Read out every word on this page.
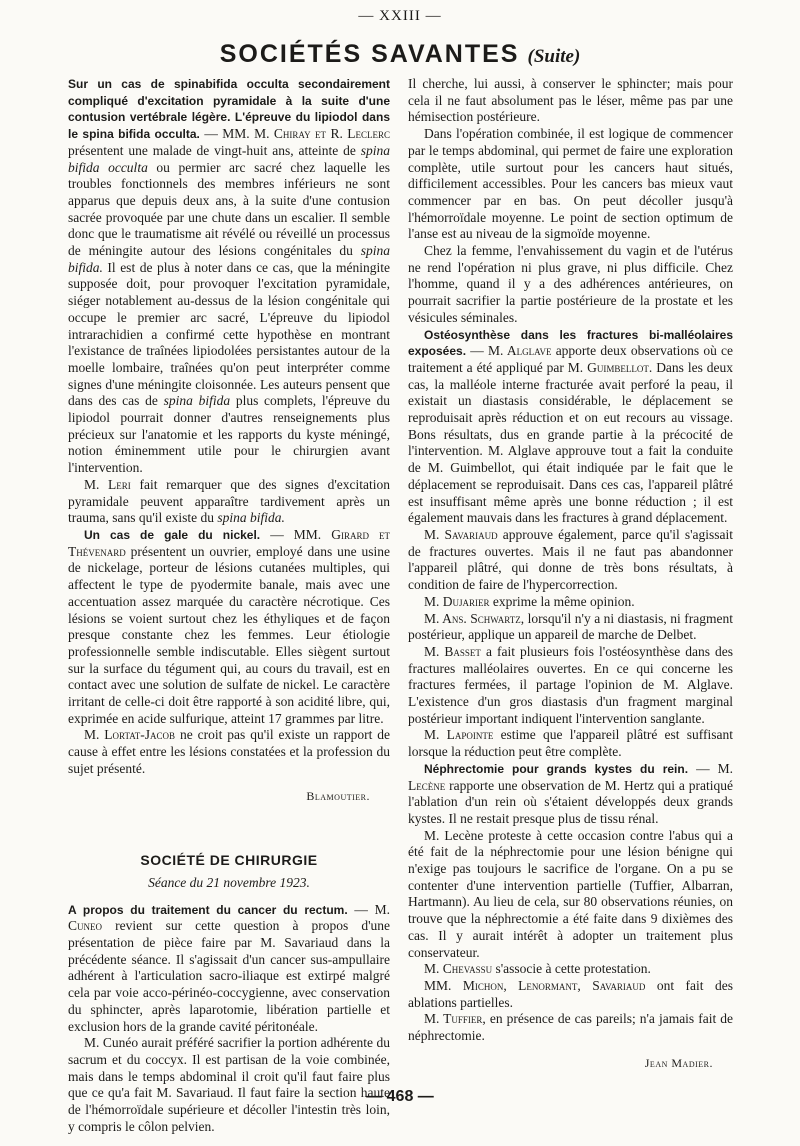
— XXIII —
SOCIÉTÉS SAVANTES (Suite)

Sur un cas de spinabifida occulta secondairement compliqué d'excitation pyramidale à la suite d'une contusion vertébrale légère. L'épreuve du lipiodol dans le spina bifida occulta. — MM. M. Chiray et R. Leclerc présentent une malade de vingt-huit ans, atteinte de spina bifida occulta ou permier arc sacré chez laquelle les troubles fonctionnels des membres inférieurs ne sont apparus que depuis deux ans, à la suite d'une contusion sacrée provoquée par une chute dans un escalier. Il semble donc que le traumatisme ait révélé ou réveillé un processus de méningite autour des lésions congénitales du spina bifida. Il est de plus à noter dans ce cas, que la méningite supposée doit, pour provoquer l'excitation pyramidale, siéger notablement au-dessus de la lésion congénitale qui occupe le premier arc sacré, L'épreuve du lipiodol intrarachidien a confirmé cette hypothèse en montrant l'existance de traînées lipiodolées persistantes autour de la moelle lombaire, traînées qu'on peut interpréter comme signes d'une méningite cloisonnée. Les auteurs pensent que dans des cas de spina bifida plus complets, l'épreuve du lipiodol pourrait donner d'autres renseignements plus précieux sur l'anatomie et les rapports du kyste méningé, notion éminemment utile pour le chirurgien avant l'intervention.

M. Leri fait remarquer que des signes d'excitation pyramidale peuvent apparaître tardivement après un trauma, sans qu'il existe du spina bifida.

Un cas de gale du nickel. — MM. Girard et Thévenard présentent un ouvrier, employé dans une usine de nickelage, porteur de lésions cutanées multiples, qui affectent le type de pyodermite banale, mais avec une accentuation assez marquée du caractère nécrotique. Ces lésions se voient surtout chez les éthyliques et de façon presque constante chez les femmes. Leur étiologie professionnelle semble indiscutable. Elles siègent surtout sur la surface du tégument qui, au cours du travail, est en contact avec une solution de sulfate de nickel. Le caractère irritant de celle-ci doit être rapporté à son acidité libre, qui, exprimée en acide sulfurique, atteint 17 grammes par litre.

M. Lortat-Jacob ne croit pas qu'il existe un rapport de cause à effet entre les lésions constatées et la profession du sujet présenté.

Blamoutier.
SOCIÉTÉ DE CHIRURGIE
Séance du 21 novembre 1923.

A propos du traitement du cancer du rectum. — M. Cuneo revient sur cette question à propos d'une présentation de pièce faire par M. Savariaud dans la précédente séance. Il s'agissait d'un cancer sus-ampullaire adhérent à l'articulation sacro-iliaque est extirpé malgré cela par voie acco-périnéo-coccygienne, avec conservation du sphincter, après laparotomie, libération partielle et exclusion hors de la grande cavité péritonéale.

M. Cunéo aurait préféré sacrifier la portion adhérente du sacrum et du coccyx. Il est partisan de la voie combinée, mais dans le temps abdominal il croit qu'il faut faire plus que ce qu'a fait M. Savariaud. Il faut faire la section haute de l'hémorroïdale supérieure et décoller l'intestin très loin, y compris le côlon pelvien.

Il cherche, lui aussi, à conserver le sphincter; mais pour cela il ne faut absolument pas le léser, même pas par une hémisection postérieure.

Dans l'opération combinée, il est logique de commencer par le temps abdominal, qui permet de faire une exploration complète, utile surtout pour les cancers haut situés, difficilement accessibles. Pour les cancers bas mieux vaut commencer par en bas. On peut décoller jusqu'à l'hémorroïdale moyenne. Le point de section optimum de l'anse est au niveau de la sigmoïde moyenne.

Chez la femme, l'envahissement du vagin et de l'utérus ne rend l'opération ni plus grave, ni plus difficile. Chez l'homme, quand il y a des adhérences antérieures, on pourrait sacrifier la partie postérieure de la prostate et les vésicules séminales.

Ostéosynthèse dans les fractures bi-malléolaires exposées. — M. Alglave apporte deux observations où ce traitement a été appliqué par M. Guimbellot. Dans les deux cas, la malléole interne fracturée avait perforé la peau, il existait un diastasis considérable, le déplacement se reproduisait après réduction et on eut recours au vissage. Bons résultats, dus en grande partie à la précocité de l'intervention. M. Alglave approuve tout a fait la conduite de M. Guimbellot, qui était indiquée par le fait que le déplacement se reproduisait. Dans ces cas, l'appareil plâtré est insuffisant même après une bonne réduction ; il est également mauvais dans les fractures à grand déplacement.

M. Savariaud approuve également, parce qu'il s'agissait de fractures ouvertes. Mais il ne faut pas abandonner l'appareil plâtré, qui donne de très bons résultats, à condition de faire de l'hypercorrection.

M. Dujarier exprime la même opinion.

M. Ans. Schwartz, lorsqu'il n'y a ni diastasis, ni fragment postérieur, applique un appareil de marche de Delbet.

M. Basset a fait plusieurs fois l'ostéosynthèse dans des fractures malléolaires ouvertes. En ce qui concerne les fractures fermées, il partage l'opinion de M. Alglave. L'existence d'un gros diastasis d'un fragment marginal postérieur important indiquent l'intervention sanglante.

M. Lapointe estime que l'appareil plâtré est suffisant lorsque la réduction peut être complète.

Néphrectomie pour grands kystes du rein. — M. Lecène rapporte une observation de M. Hertz qui a pratiqué l'ablation d'un rein où s'étaient développés deux grands kystes. Il ne restait presque plus de tissu rénal.

M. Lecène proteste à cette occasion contre l'abus qui a été fait de la néphrectomie pour une lésion bénigne qui n'exige pas toujours le sacrifice de l'organe. On a pu se contenter d'une intervention partielle (Tuffier, Albarran, Hartmann). Au lieu de cela, sur 80 observations réunies, on trouve que la néphrectomie a été faite dans 9 dixièmes des cas. Il y aurait intérêt à adopter un traitement plus conservateur.

M. Chevassu s'associe à cette protestation.

MM. Michon, Lenormant, Savariaud ont fait des ablations partielles.

M. Tuffier, en présence de cas pareils; n'a jamais fait de néphrectomie.

Jean Madier.
— 468 —
